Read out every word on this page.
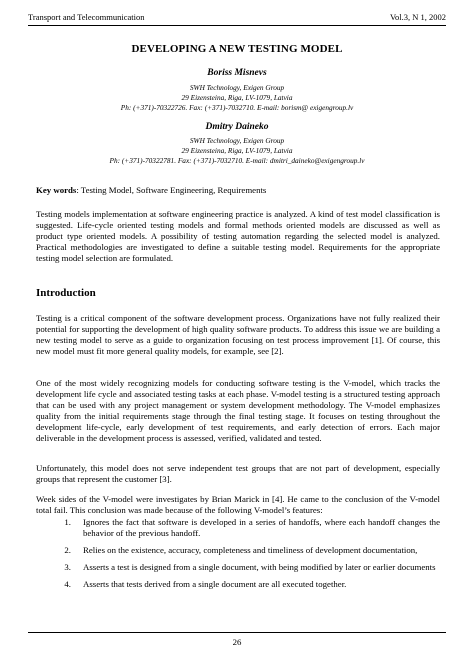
Transport and Telecommunication	Vol.3, N 1, 2002
DEVELOPING A NEW TESTING MODEL
Boriss Misnevs
SWH Technology, Exigen Group
29 Eizensteina, Riga, LV-1079, Latvia
Ph: (+371)-70322726. Fax: (+371)-7032710. E-mail: borism@ exigengroup.lv
Dmitry Daineko
SWH Technology, Exigen Group
29 Eizensteina, Riga, LV-1079, Latvia
Ph: (+371)-70322781. Fax: (+371)-7032710. E-mail: dmitri_daineko@exigengroup.lv
Key words: Testing Model, Software Engineering, Requirements
Testing models implementation at software engineering practice is analyzed. A kind of test model classification is suggested. Life-cycle oriented testing models and formal methods oriented models are discussed as well as product type oriented models. A possibility of testing automation regarding the selected model is analyzed. Practical methodologies are investigated to define a suitable testing model. Requirements for the appropriate testing model selection are formulated.
Introduction
Testing is a critical component of the software development process. Organizations have not fully realized their potential for supporting the development of high quality software products. To address this issue we are building a new testing model to serve as a guide to organization focusing on test process improvement [1]. Of course, this new model must fit more general quality models, for example, see [2].
One of the most widely recognizing models for conducting software testing is the V-model, which tracks the development life cycle and associated testing tasks at each phase. V-model testing is a structured testing approach that can be used with any project management or system development methodology. The V-model emphasizes quality from the initial requirements stage through the final testing stage. It focuses on testing throughout the development life-cycle, early development of test requirements, and early detection of errors. Each major deliverable in the development process is assessed, verified, validated and tested.
Unfortunately, this model does not serve independent test groups that are not part of development, especially groups that represent the customer [3].
Week sides of the V-model were investigates by Brian Marick in [4]. He came to the conclusion of the V-model total fail. This conclusion was made because of the following V-model’s features:
1.	Ignores the fact that software is developed in a series of handoffs, where each handoff changes the behavior of the previous handoff.
2.	Relies on the existence, accuracy, completeness and timeliness of development documentation,
3.	Asserts a test is designed from a single document, with being modified by later or earlier documents
4.	Asserts that tests derived from a single document are all executed together.
26
